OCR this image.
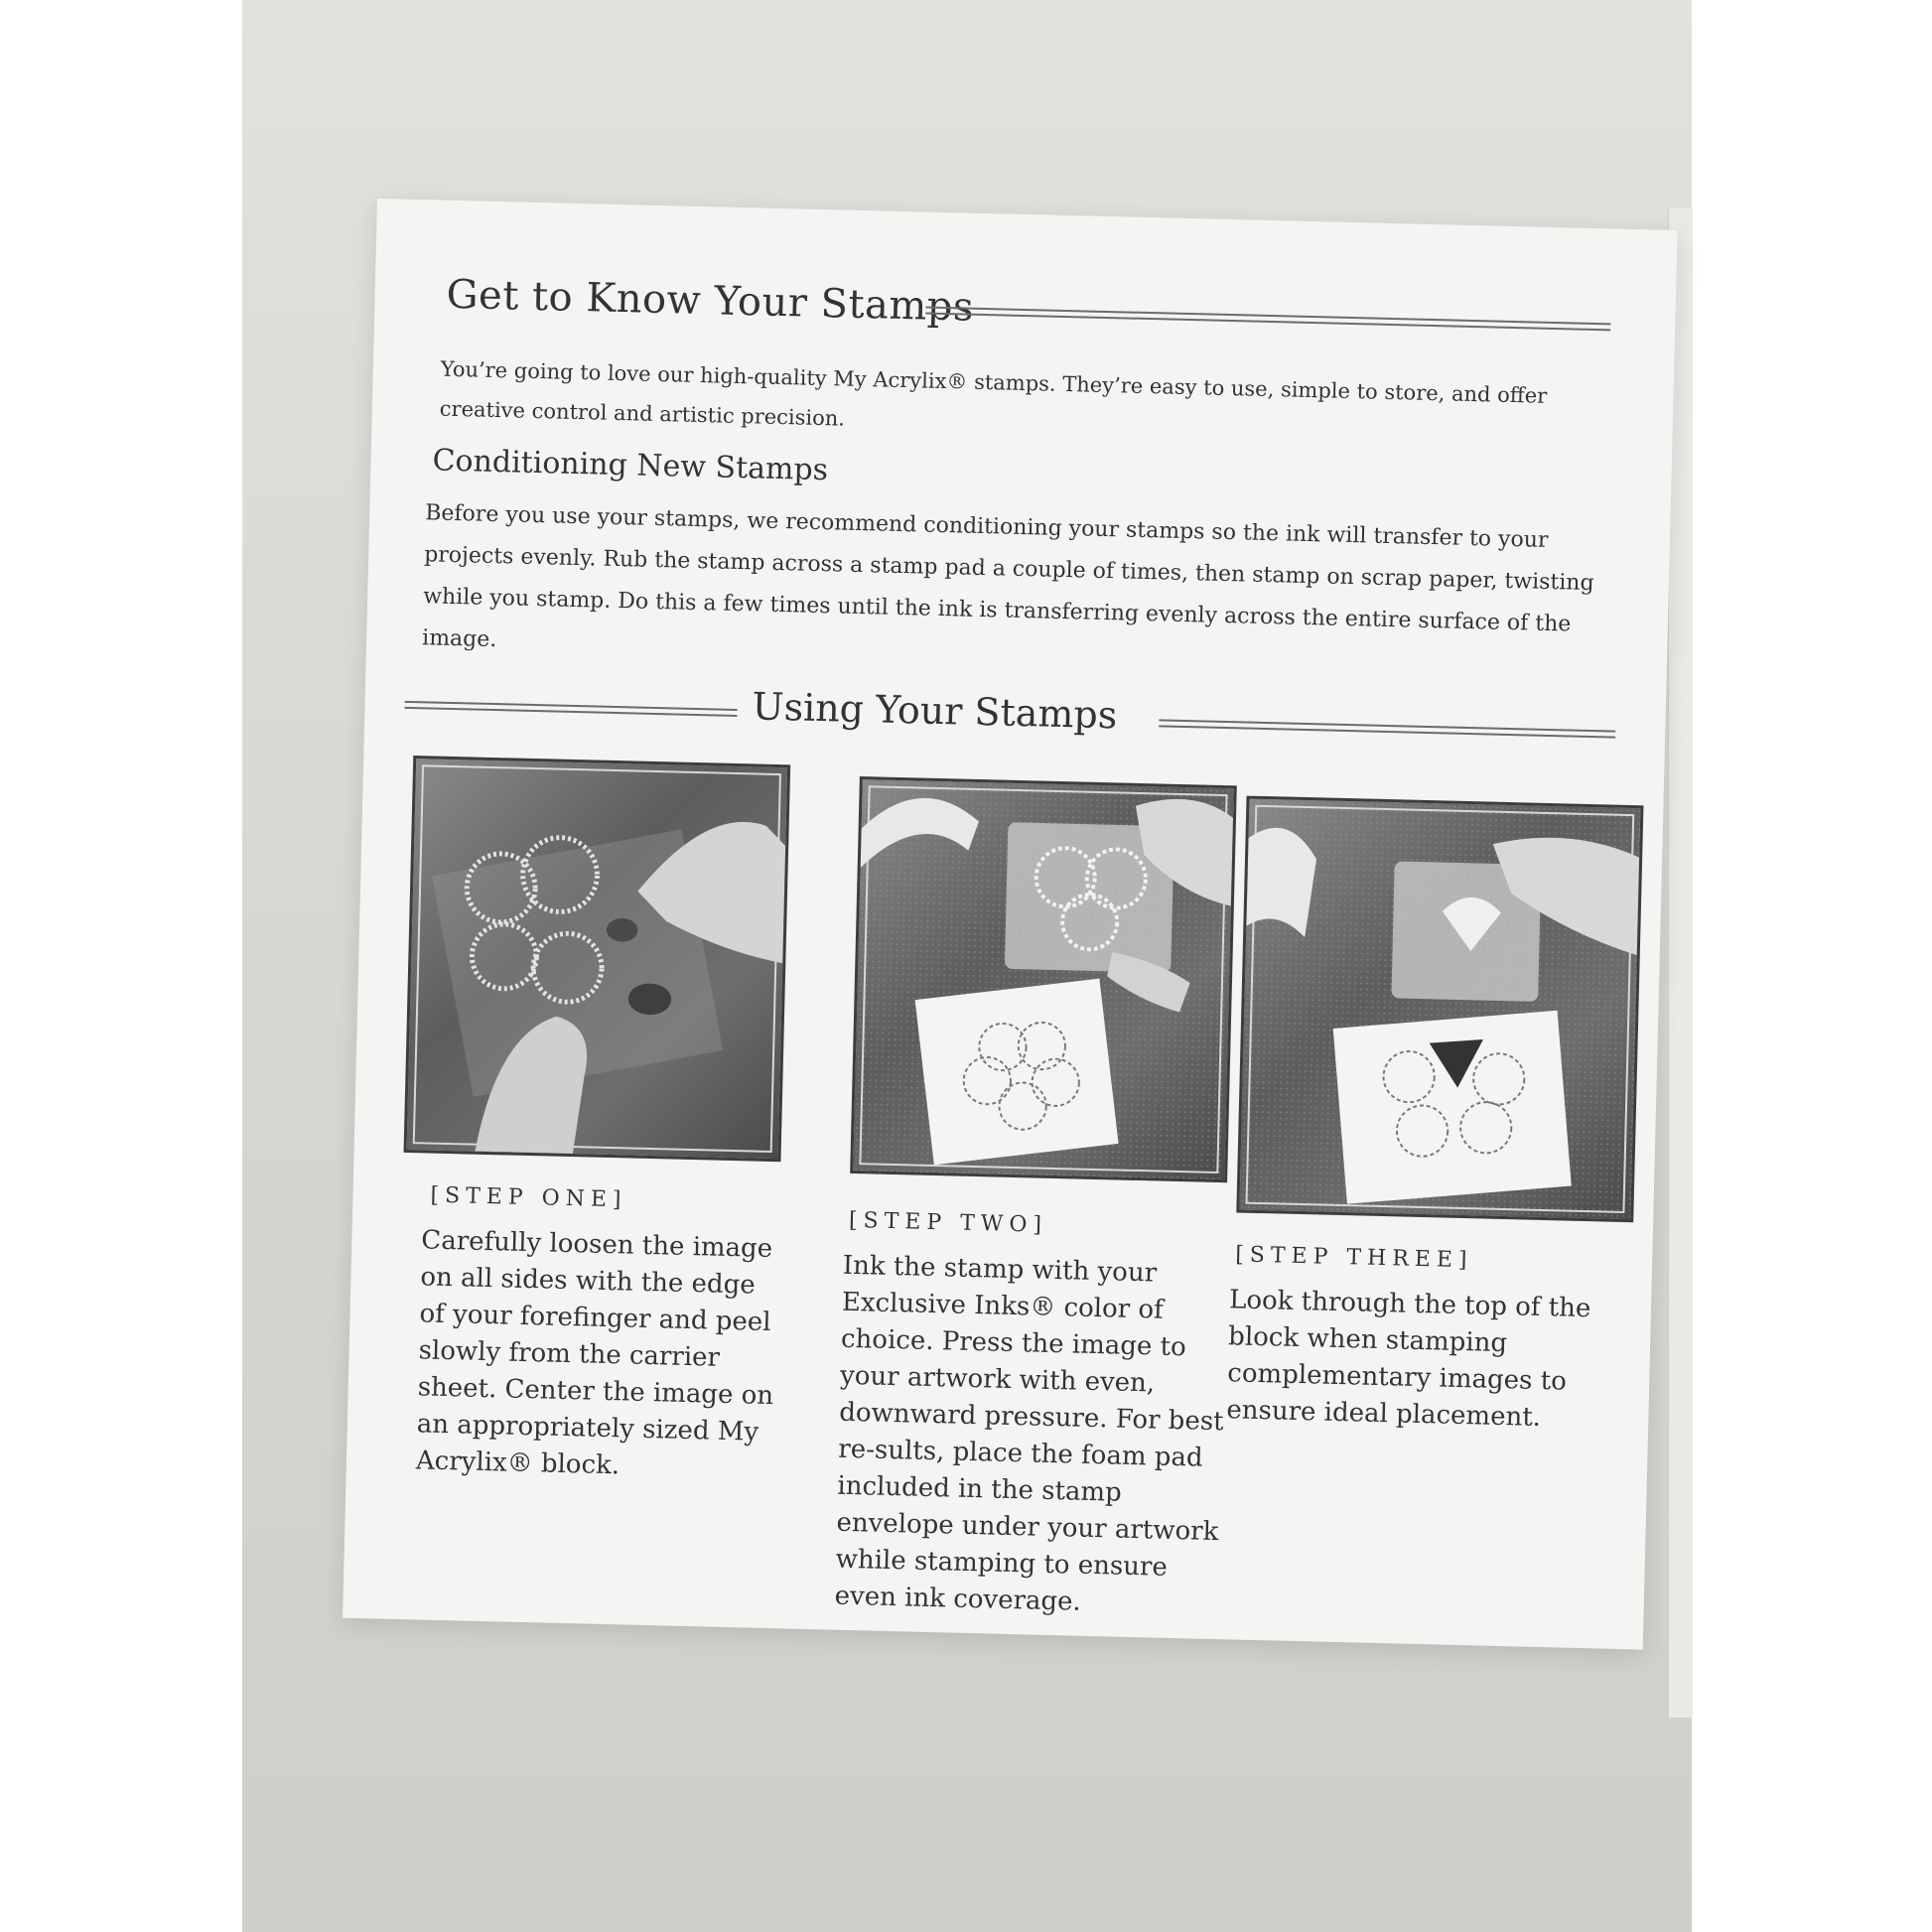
Get to Know Your Stamps
You’re going to love our high-quality My Acrylix® stamps. They’re easy to use, simple to store, and offer creative control and artistic precision.
Conditioning New Stamps
Before you use your stamps, we recommend conditioning your stamps so the ink will transfer to your projects evenly. Rub the stamp across a stamp pad a couple of times, then stamp on scrap paper, twisting while you stamp. Do this a few times until the ink is transferring evenly across the entire surface of the image.
Using Your Stamps
[STEP ONE]
Carefully loosen the image on all sides with the edge of your forefinger and peel slowly from the carrier sheet. Center the image on an appropriately sized My Acrylix® block.
[STEP TWO]
Ink the stamp with your Exclusive Inks® color of choice. Press the image to your artwork with even, downward pressure. For best re-sults, place the foam pad included in the stamp envelope under your artwork while stamping to ensure even ink coverage.
[STEP THREE]
Look through the top of the block when stamping complementary images to ensure ideal placement.
